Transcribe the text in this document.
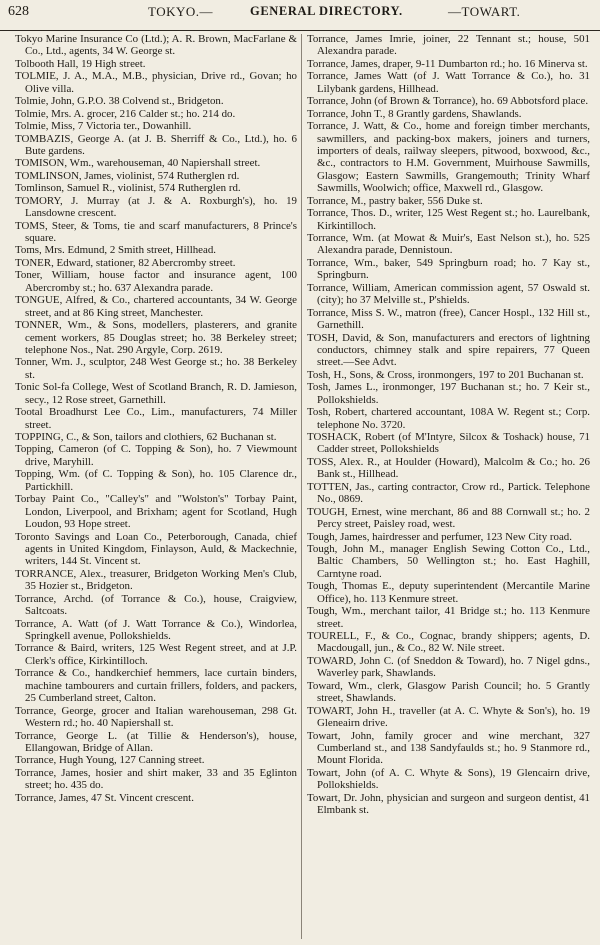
628	TOKYO.—	GENERAL DIRECTORY.	—TOWART.

Tokyo Marine Insurance Co (Ltd.); A. R. Brown, MacFarlane & Co., Ltd., agents, 34 W. George st.

Tolbooth Hall, 19 High street.

TOLMIE, J. A., M.A., M.B., physician, Drive rd., Govan; ho Olive villa.

Tolmie, John, G.P.O. 38 Colvend st., Bridgeton.

Tolmie, Mrs. A. grocer, 216 Calder st.; ho. 214 do.

Tolmie, Miss, 7 Victoria ter., Dowanhill.

TOMBAZIS, George A. (at J. B. Sherriff & Co., Ltd.), ho. 6 Bute gardens.

TOMISON, Wm., warehouseman, 40 Napiershall street.

TOMLINSON, James, violinist, 574 Rutherglen rd.

Tomlinson, Samuel R., violinist, 574 Rutherglen rd.

TOMORY, J. Murray (at J. & A. Roxburgh's), ho. 19 Lansdowne crescent.

TOMS, Steer, & Toms, tie and scarf manufacturers, 8 Prince's square.

Toms, Mrs. Edmund, 2 Smith street, Hillhead.

TONER, Edward, stationer, 82 Abercromby street.

Toner, William, house factor and insurance agent, 100 Abercromby st.; ho. 637 Alexandra parade.

TONGUE, Alfred, & Co., chartered accountants, 34 W. George street, and at 86 King street, Manchester.

TONNER, Wm., & Sons, modellers, plasterers, and granite cement workers, 85 Douglas street; ho. 38 Berkeley street; telephone Nos., Nat. 290 Argyle, Corp. 2619.

Tonner, Wm. J., sculptor, 248 West George st.; ho. 38 Berkeley st.

Tonic Sol-fa College, West of Scotland Branch, R. D. Jamieson, secy., 12 Rose street, Garnethill.

Tootal Broadhurst Lee Co., Lim., manufacturers, 74 Miller street.

TOPPING, C., & Son, tailors and clothiers, 62 Buchanan st.

Topping, Cameron (of C. Topping & Son), ho. 7 Viewmount drive, Maryhill.

Topping, Wm. (of C. Topping & Son), ho. 105 Clarence dr., Partickhill.

Torbay Paint Co., "Calley's" and "Wolston's" Torbay Paint, London, Liverpool, and Brixham; agent for Scotland, Hugh Loudon, 93 Hope street.

Toronto Savings and Loan Co., Peterborough, Canada, chief agents in United Kingdom, Finlayson, Auld, & Mackechnie, writers, 144 St. Vincent st.

TORRANCE, Alex., treasurer, Bridgeton Working Men's Club, 35 Hozier st., Bridgeton.

Torrance, Archd. (of Torrance & Co.), house, Craigview, Saltcoats.

Torrance, A. Watt (of J. Watt Torrance & Co.), Windorlea, Springkell avenue, Pollokshields.

Torrance & Baird, writers, 125 West Regent street, and at J.P. Clerk's office, Kirkintilloch.

Torrance & Co., handkerchief hemmers, lace curtain binders, machine tambourers and curtain frillers, folders, and packers, 25 Cumberland street, Calton.

Torrance, George, grocer and Italian warehouseman, 298 Gt. Western rd.; ho. 40 Napiershall st.

Torrance, George L. (at Tillie & Henderson's), house, Ellangowan, Bridge of Allan.

Torrance, Hugh Young, 127 Canning street.

Torrance, James, hosier and shirt maker, 33 and 35 Eglinton street; ho. 435 do.

Torrance, James, 47 St. Vincent crescent.

Torrance, James Imrie, joiner, 22 Tennant st.; house, 501 Alexandra parade.

Torrance, James, draper, 9-11 Dumbarton rd.; ho. 16 Minerva st.

Torrance, James Watt (of J. Watt Torrance & Co.), ho. 31 Lilybank gardens, Hillhead.

Torrance, John (of Brown & Torrance), ho. 69 Abbotsford place.

Torrance, John T., 8 Grantly gardens, Shawlands.

Torrance, J. Watt, & Co., home and foreign timber merchants, sawmillers, and packing-box makers, joiners and turners, importers of deals, railway sleepers, pitwood, boxwood, &c., &c., contractors to H.M. Government, Muirhouse Sawmills, Glasgow; Eastern Sawmills, Grangemouth; Trinity Wharf Sawmills, Woolwich; office, Maxwell rd., Glasgow.

Torrance, M., pastry baker, 556 Duke st.

Torrance, Thos. D., writer, 125 West Regent st.; ho. Laurelbank, Kirkintilloch.

Torrance, Wm. (at Mowat & Muir's, East Nelson st.), ho. 525 Alexandra parade, Dennistoun.

Torrance, Wm., baker, 549 Springburn road; ho. 7 Kay st., Springburn.

Torrance, William, American commission agent, 57 Oswald st. (city); ho 37 Melville st., P'shields.

Torrance, Miss S. W., matron (free), Cancer Hospl., 132 Hill st., Garnethill.

TOSH, David, & Son, manufacturers and erectors of lightning conductors, chimney stalk and spire repairers, 77 Queen street.—See Advt.

Tosh, H., Sons, & Cross, ironmongers, 197 to 201 Buchanan st.

Tosh, James L., ironmonger, 197 Buchanan st.; ho. 7 Keir st., Pollokshields.

Tosh, Robert, chartered accountant, 108A W. Regent st.; Corp. telephone No. 3720.

TOSHACK, Robert (of M'Intyre, Silcox & Toshack) house, 71 Cadder street, Pollokshields

TOSS, Alex. R., at Houlder (Howard), Malcolm & Co.; ho. 26 Bank st., Hillhead.

TOTTEN, Jas., carting contractor, Crow rd., Partick. Telephone No., 0869.

TOUGH, Ernest, wine merchant, 86 and 88 Cornwall st.; ho. 2 Percy street, Paisley road, west.

Tough, James, hairdresser and perfumer, 123 New City road.

Tough, John M., manager English Sewing Cotton Co., Ltd., Baltic Chambers, 50 Wellington st.; ho. East Haghill, Carntyne road.

Tough, Thomas E., deputy superintendent (Mercantile Marine Office), ho. 113 Kenmure street.

Tough, Wm., merchant tailor, 41 Bridge st.; ho. 113 Kenmure street.

TOURELL, F., & Co., Cognac, brandy shippers; agents, D. Macdougall, jun., & Co., 82 W. Nile street.

TOWARD, John C. (of Sneddon & Toward), ho. 7 Nigel gdns., Waverley park, Shawlands.

Toward, Wm., clerk, Glasgow Parish Council; ho. 5 Grantly street, Shawlands.

TOWART, John H., traveller (at A. C. Whyte & Son's), ho. 19 Gleneairn drive.

Towart, John, family grocer and wine merchant, 327 Cumberland st., and 138 Sandyfaulds st.; ho. 9 Stanmore rd., Mount Florida.

Towart, John (of A. C. Whyte & Sons), 19 Glencairn drive, Pollokshields.

Towart, Dr. John, physician and surgeon and surgeon dentist, 41 Elmbank st.
